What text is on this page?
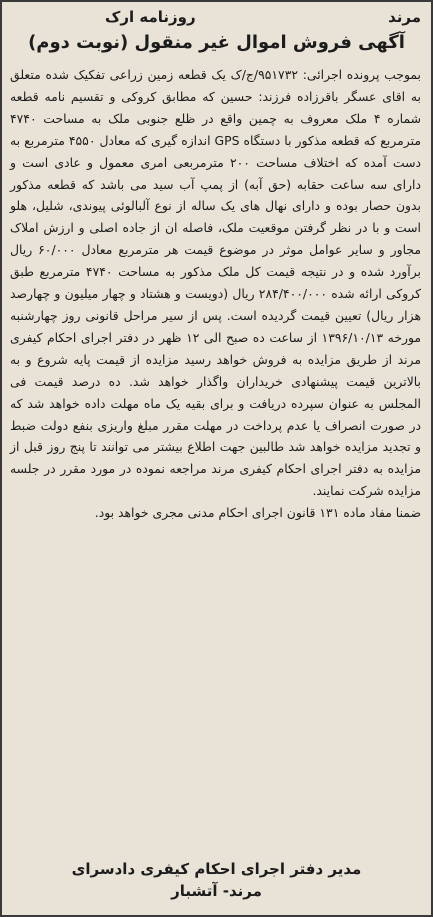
مرند
روزنامه ارک
آگهی فروش اموال غیر منقول (نوبت دوم)

بموجب پرونده اجرائی: ۹۵۱۷۳۲/ج/ک یک قطعه زمین زراعی تفکیک شده متعلق به اقای عسگر باقرزاده فرزند: حسین که مطابق کروکی و تقسیم نامه قطعه شماره ۴ ملک معروف به چمین واقع در ظلع جنوبی ملک به مساحت ۴۷۴۰ مترمربع که قطعه مذکور با دستگاه GPS اندازه گیری که معادل ۴۵۵۰ مترمربع به دست آمده که اختلاف مساحت ۲۰۰ مترمربعی امری معمول و عادی است و دارای سه ساعت حقابه (حق آبه) از پمپ آب سید می باشد که قطعه مذکور بدون حصار بوده و دارای نهال های یک ساله از نوع آلبالوئی پیوندی، شلیل، هلو است و با در نظر گرفتن موقعیت ملک، فاصله ان از جاده اصلی و ارزش املاک مجاور و سایر عوامل موثر در موضوع قیمت هر مترمربع معادل ۶۰/۰۰۰ ریال برآورد شده و در نتیجه قیمت کل ملک مذکور به مساحت ۴۷۴۰ مترمربع طبق کروکی ارائه شده ۲۸۴/۴۰۰/۰۰۰ ریال (دویست و هشتاد و چهار میلیون و چهارصد هزار ریال) تعیین قیمت گردیده است. پس از سیر مراحل قانونی روز چهارشنبه مورخه ۱۳۹۶/۱۰/۱۳ از ساعت ده صبح الی ۱۲ ظهر در دفتر اجرای احکام کیفری مرند از طریق مزایده به فروش خواهد رسید مزایده از قیمت پایه شروع و به بالاترین قیمت پیشنهادی خریداران واگذار خواهد شد. ده درصد قیمت فی المجلس به عنوان سپرده دریافت و برای بقیه یک ماه مهلت داده خواهد شد که در صورت انصراف یا عدم پرداخت در مهلت مقرر مبلغ واریزی بنفع دولت ضبط و تجدید مزایده خواهد شد طالبین جهت اطلاع بیشتر می توانند تا پنج روز قبل از مزایده به دفتر اجرای احکام کیفری مرند مراجعه نموده در مورد مقرر در جلسه مزایده شرکت نمایند.

ضمنا مفاد ماده ۱۳۱ قانون اجرای احکام مدنی مجری خواهد بود.

مدیر دفتر اجرای احکام کیفری دادسرای
مرند- آتشبار
